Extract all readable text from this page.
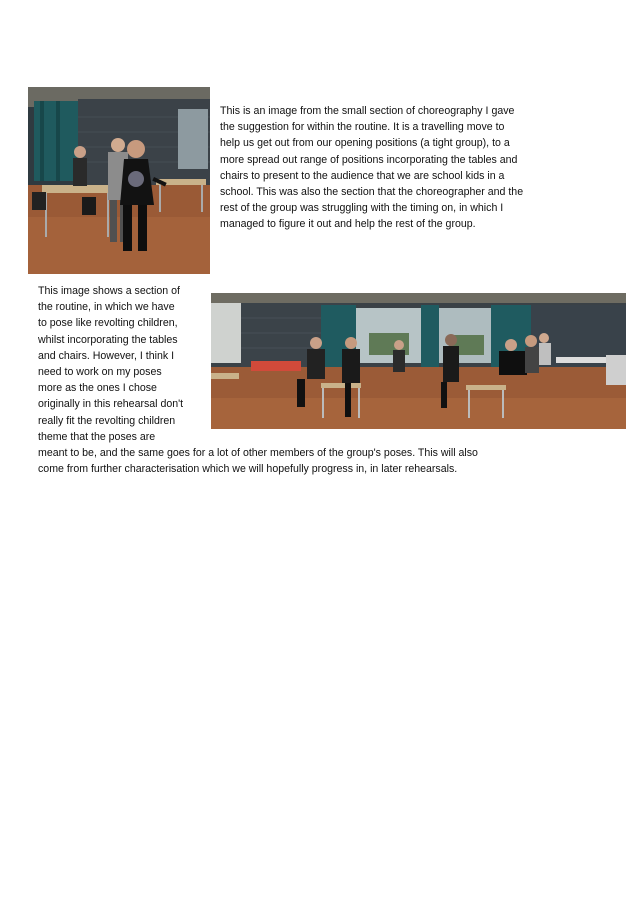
This is an image from the small section of choreography I gave
the suggestion for within the routine. It is a travelling move to
help us get out from our opening positions (a tight group), to a
more spread out range of positions incorporating the tables and
chairs to present to the audience that we are school kids in a
school. This was also the section that the choreographer and the
rest of the group was struggling with the timing on, in which I
managed to figure it out and help the rest of the group.

This image shows a section of
the routine, in which we have
to pose like revolting children,
whilst incorporating the tables
and chairs. However, I think I
need to work on my poses
more as the ones I chose
originally in this rehearsal don't
really fit the revolting children
theme that the poses are
meant to be, and the same goes for a lot of other members of the group's poses. This will also
come from further characterisation which we will hopefully progress in, in later rehearsals.
